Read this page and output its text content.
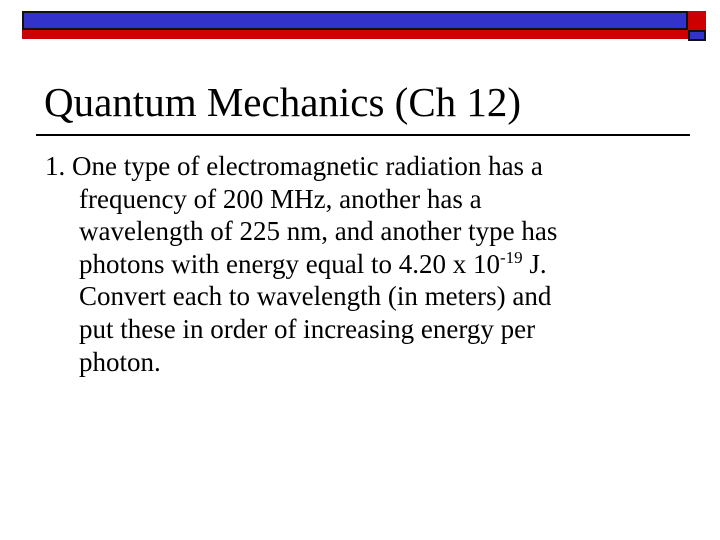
Quantum Mechanics (Ch 12)
1. One type of electromagnetic radiation has a
frequency of 200 MHz, another has a
wavelength of 225 nm, and another type has
photons with energy equal to 4.20 x $10^{-19}$ J.
Convert each to wavelength (in meters) and
put these in order of increasing energy per
photon.
